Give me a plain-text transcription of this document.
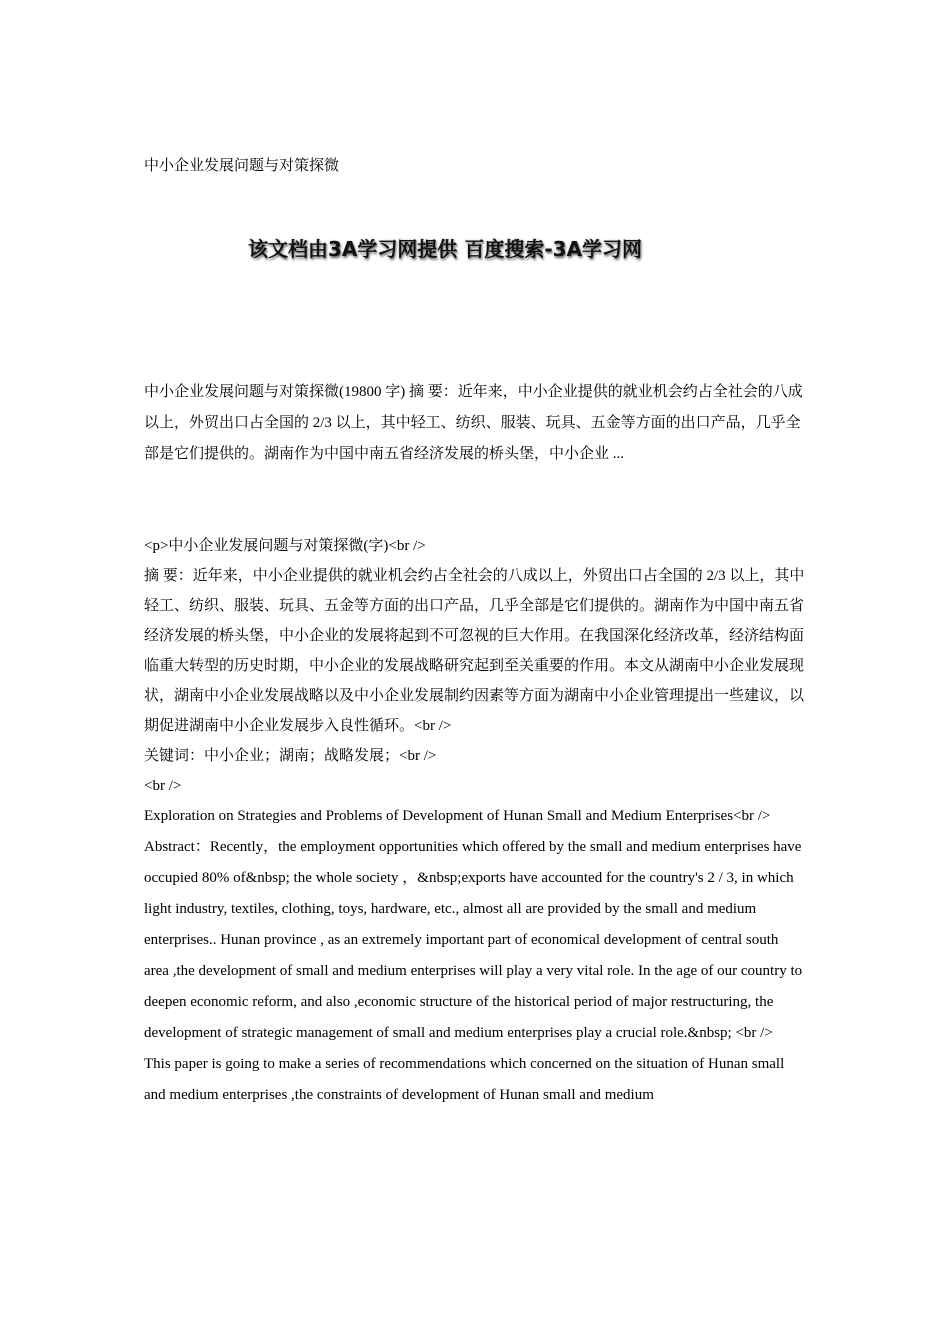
中小企业发展问题与对策探微

该文档由3A学习网提供 百度搜索-3A学习网

中小企业发展问题与对策探微(19800 字) 摘 要：近年来，中小企业提供的就业机会约占全社会的八成以上，外贸出口占全国的 2/3 以上，其中轻工、纺织、服装、玩具、五金等方面的出口产品，几乎全部是它们提供的。湖南作为中国中南五省经济发展的桥头堡，中小企业 ...

<p>中小企业发展问题与对策探微(字)<br />

摘 要：近年来，中小企业提供的就业机会约占全社会的八成以上，外贸出口占全国的 2/3 以上，其中轻工、纺织、服装、玩具、五金等方面的出口产品，几乎全部是它们提供的。湖南作为中国中南五省经济发展的桥头堡，中小企业的发展将起到不可忽视的巨大作用。在我国深化经济改革，经济结构面临重大转型的历史时期，中小企业的发展战略研究起到至关重要的作用。本文从湖南中小企业发展现状，湖南中小企业发展战略以及中小企业发展制约因素等方面为湖南中小企业管理提出一些建议，以期促进湖南中小企业发展步入良性循环。<br />

关键词：中小企业；湖南；战略发展；<br />

<br />

Exploration on Strategies and Problems of Development of Hunan Small and Medium Enterprises<br />

Abstract：Recently，the employment opportunities which offered by the small and medium enterprises have occupied 80% of&nbsp; the whole society ，&nbsp;exports have accounted for the country's 2 / 3, in which light industry, textiles, clothing, toys, hardware, etc., almost all are provided by the small and medium enterprises.. Hunan province , as an extremely important part of economical development of central south area ,the development of small and medium enterprises will play a very vital role. In the age of our country to deepen economic reform, and also ,economic structure of the historical period of major restructuring, the development of strategic management of small and medium enterprises play a crucial role.&nbsp; <br />

This paper is going to make a series of recommendations which concerned on the situation of Hunan small and medium enterprises ,the constraints of development of Hunan small and medium
